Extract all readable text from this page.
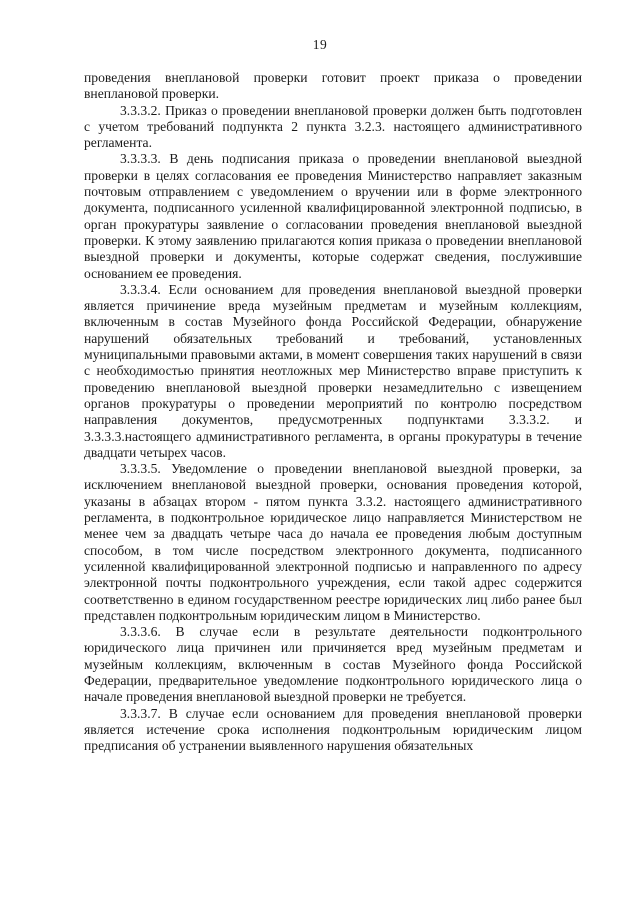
19

проведения внеплановой проверки готовит проект приказа о проведении внеплановой проверки.

3.3.3.2. Приказ о проведении внеплановой проверки должен быть подготовлен с учетом требований подпункта 2 пункта 3.2.3. настоящего административного регламента.

3.3.3.3. В день подписания приказа о проведении внеплановой выездной проверки в целях согласования ее проведения Министерство направляет заказным почтовым отправлением с уведомлением о вручении или в форме электронного документа, подписанного усиленной квалифицированной электронной подписью, в орган прокуратуры заявление о согласовании проведения внеплановой выездной проверки. К этому заявлению прилагаются копия приказа о проведении внеплановой выездной проверки и документы, которые содержат сведения, послужившие основанием ее проведения.

3.3.3.4. Если основанием для проведения внеплановой выездной проверки является причинение вреда музейным предметам и музейным коллекциям, включенным в состав Музейного фонда Российской Федерации, обнаружение нарушений обязательных требований и требований, установленных муниципальными правовыми актами, в момент совершения таких нарушений в связи с необходимостью принятия неотложных мер Министерство вправе приступить к проведению внеплановой выездной проверки незамедлительно с извещением органов прокуратуры о проведении мероприятий по контролю посредством направления документов, предусмотренных подпунктами 3.3.3.2. и 3.3.3.3.настоящего административного регламента, в органы прокуратуры в течение двадцати четырех часов.

3.3.3.5. Уведомление о проведении внеплановой выездной проверки, за исключением внеплановой выездной проверки, основания проведения которой, указаны в абзацах втором - пятом пункта 3.3.2. настоящего административного регламента, в подконтрольное юридическое лицо направляется Министерством не менее чем за двадцать четыре часа до начала ее проведения любым доступным способом, в том числе посредством электронного документа, подписанного усиленной квалифицированной электронной подписью и направленного по адресу электронной почты подконтрольного учреждения, если такой адрес содержится соответственно в едином государственном реестре юридических лиц либо ранее был представлен подконтрольным юридическим лицом в Министерство.

3.3.3.6. В случае если в результате деятельности подконтрольного юридического лица причинен или причиняется вред музейным предметам и музейным коллекциям, включенным в состав Музейного фонда Российской Федерации, предварительное уведомление подконтрольного юридического лица о начале проведения внеплановой выездной проверки не требуется.

3.3.3.7. В случае если основанием для проведения внеплановой проверки является истечение срока исполнения подконтрольным юридическим лицом предписания об устранении выявленного нарушения обязательных
